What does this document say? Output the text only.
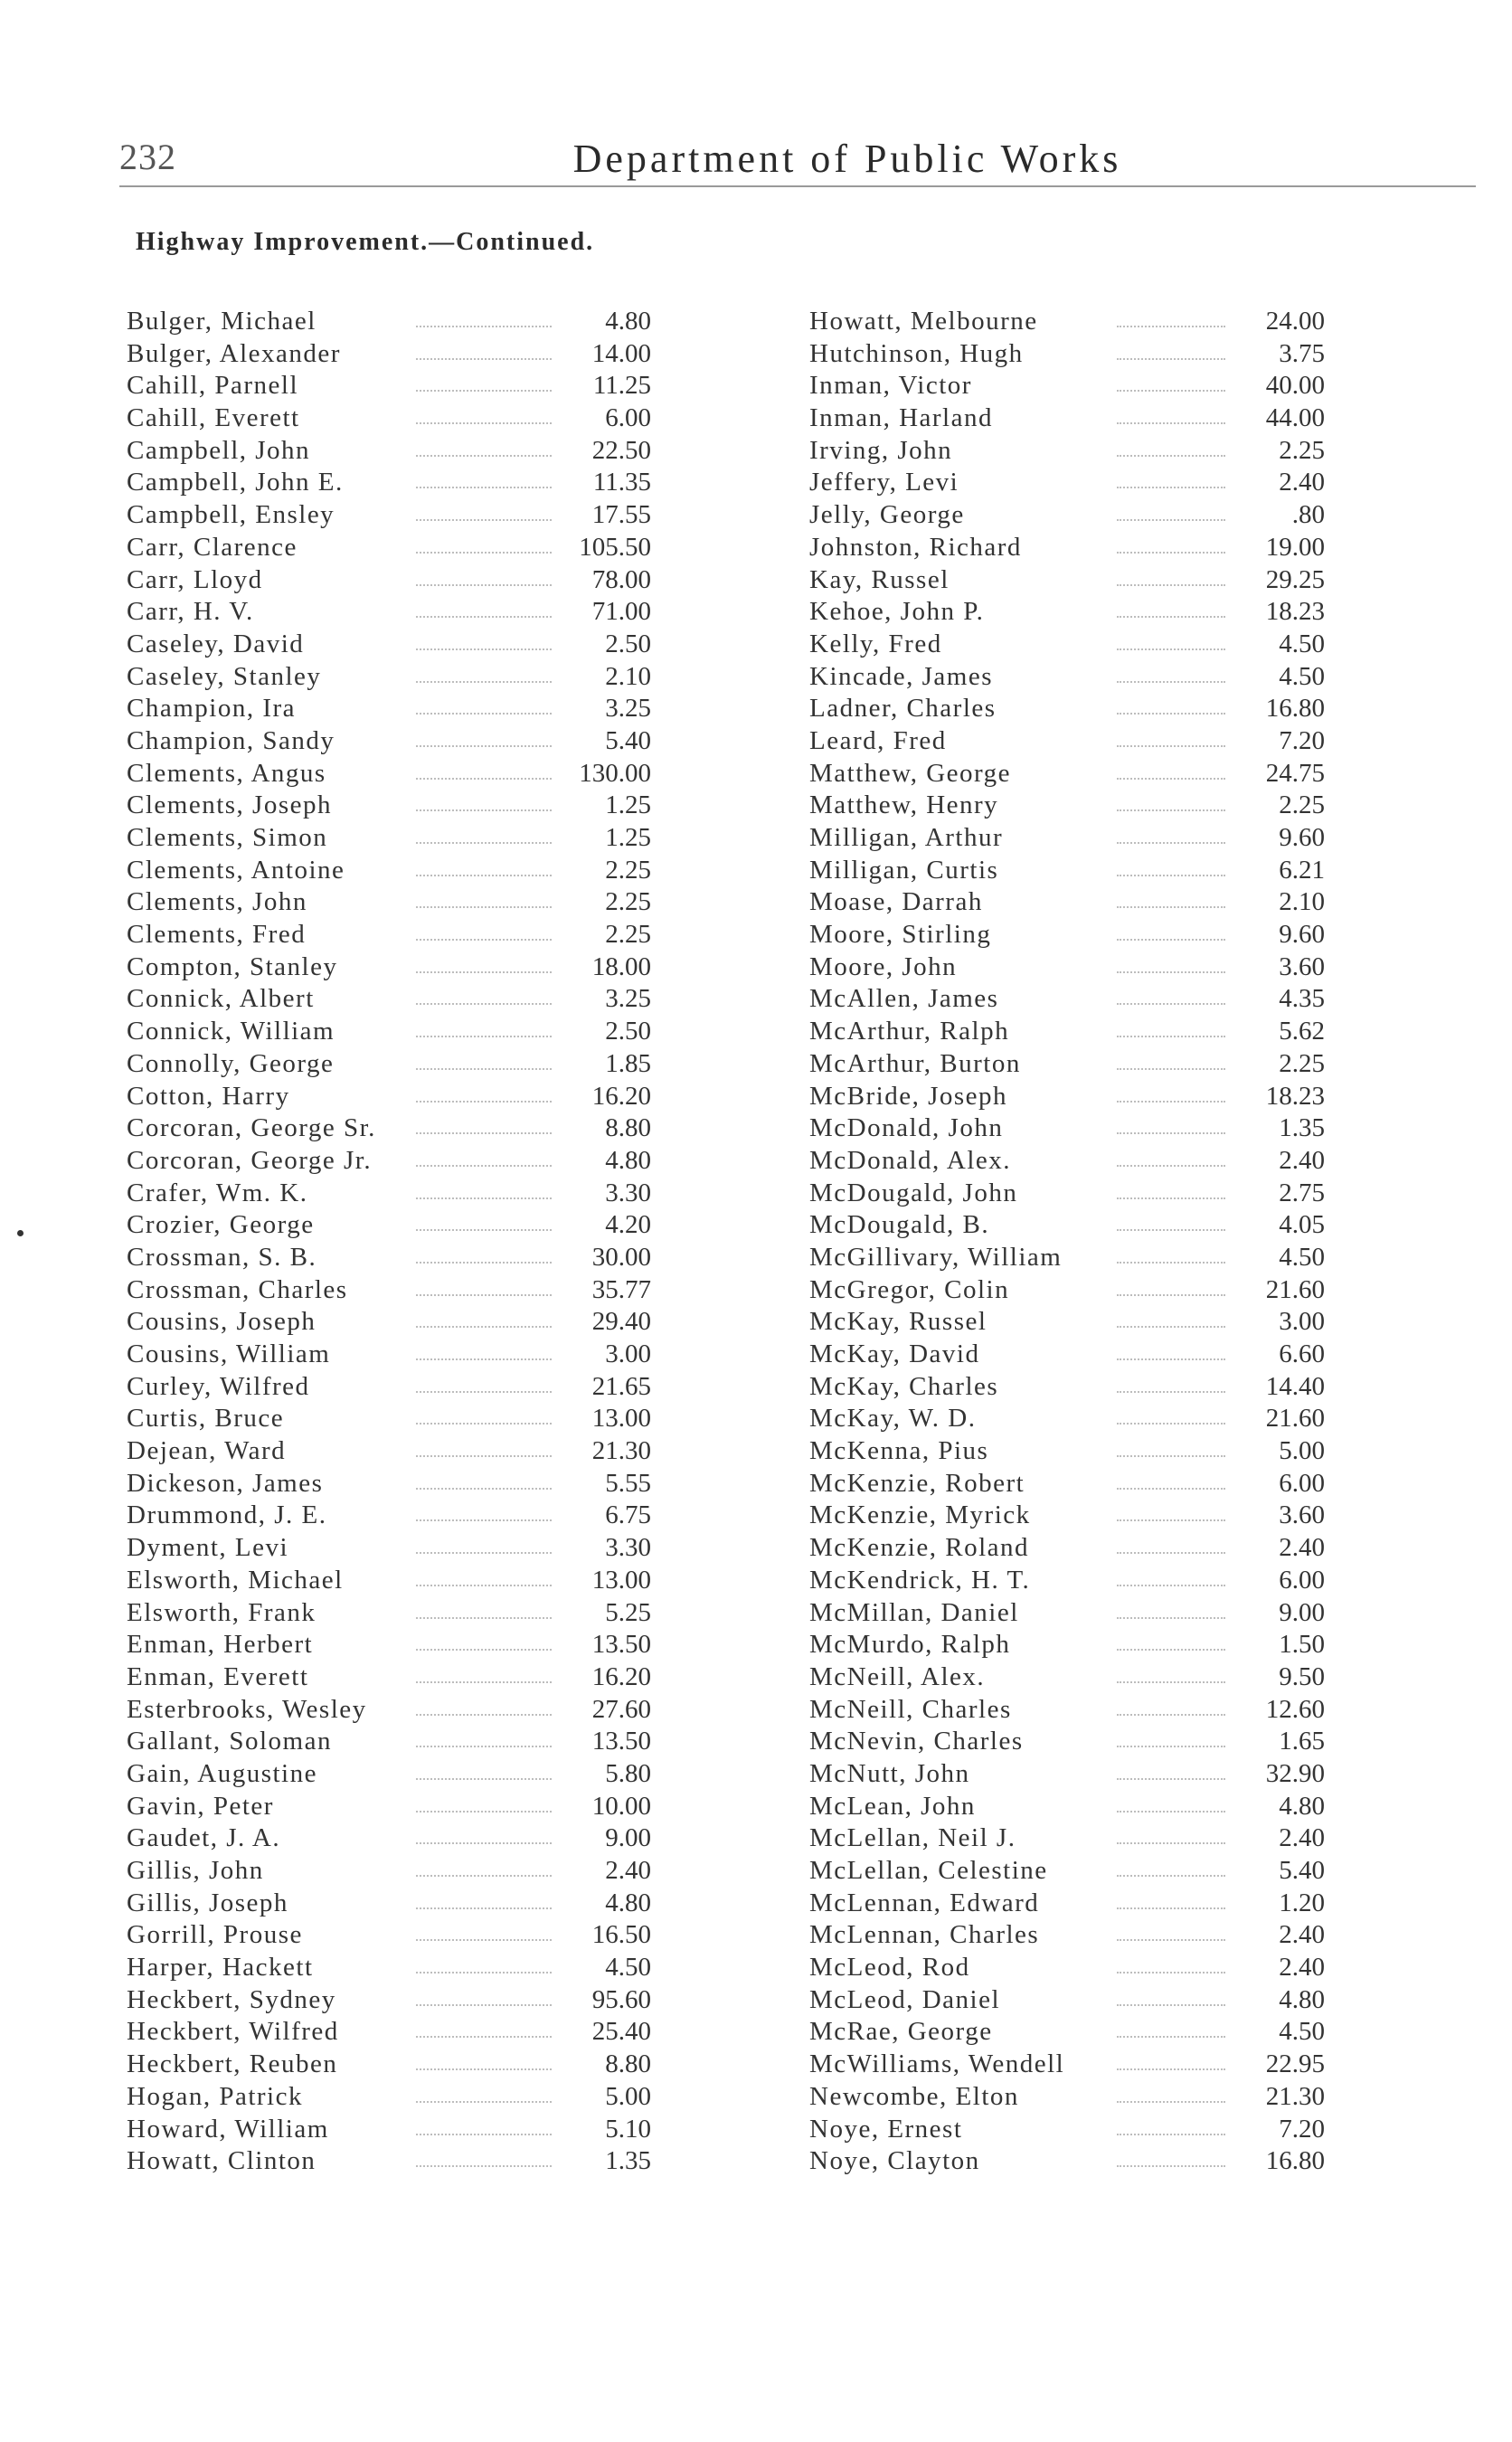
232	Department of Public Works
Highway Improvement.—Continued.
Bulger, Michael	4.80
Bulger, Alexander	14.00
Cahill, Parnell	11.25
Cahill, Everett	6.00
Campbell, John	22.50
Campbell, John E.	11.35
Campbell, Ensley	17.55
Carr, Clarence	105.50
Carr, Lloyd	78.00
Carr, H. V.	71.00
Caseley, David	2.50
Caseley, Stanley	2.10
Champion, Ira	3.25
Champion, Sandy	5.40
Clements, Angus	130.00
Clements, Joseph	1.25
Clements, Simon	1.25
Clements, Antoine	2.25
Clements, John	2.25
Clements, Fred	2.25
Compton, Stanley	18.00
Connick, Albert	3.25
Connick, William	2.50
Connolly, George	1.85
Cotton, Harry	16.20
Corcoran, George Sr.	8.80
Corcoran, George Jr.	4.80
Crafer, Wm. K.	3.30
Crozier, George	4.20
Crossman, S. B.	30.00
Crossman, Charles	35.77
Cousins, Joseph	29.40
Cousins, William	3.00
Curley, Wilfred	21.65
Curtis, Bruce	13.00
Dejean, Ward	21.30
Dickeson, James	5.55
Drummond, J. E.	6.75
Dyment, Levi	3.30
Elsworth, Michael	13.00
Elsworth, Frank	5.25
Enman, Herbert	13.50
Enman, Everett	16.20
Esterbrooks, Wesley	27.60
Gallant, Soloman	13.50
Gain, Augustine	5.80
Gavin, Peter	10.00
Gaudet, J. A.	9.00
Gillis, John	2.40
Gillis, Joseph	4.80
Gorrill, Prouse	16.50
Harper, Hackett	4.50
Heckbert, Sydney	95.60
Heckbert, Wilfred	25.40
Heckbert, Reuben	8.80
Hogan, Patrick	5.00
Howard, William	5.10
Howatt, Clinton	1.35
Howatt, Melbourne	24.00
Hutchinson, Hugh	3.75
Inman, Victor	40.00
Inman, Harland	44.00
Irving, John	2.25
Jeffery, Levi	2.40
Jelly, George	.80
Johnston, Richard	19.00
Kay, Russel	29.25
Kehoe, John P.	18.23
Kelly, Fred	4.50
Kincade, James	4.50
Ladner, Charles	16.80
Leard, Fred	7.20
Matthew, George	24.75
Matthew, Henry	2.25
Milligan, Arthur	9.60
Milligan, Curtis	6.21
Moase, Darrah	2.10
Moore, Stirling	9.60
Moore, John	3.60
McAllen, James	4.35
McArthur, Ralph	5.62
McArthur, Burton	2.25
McBride, Joseph	18.23
McDonald, John	1.35
McDonald, Alex.	2.40
McDougald, John	2.75
McDougald, B.	4.05
McGillivary, William	4.50
McGregor, Colin	21.60
McKay, Russel	3.00
McKay, David	6.60
McKay, Charles	14.40
McKay, W. D.	21.60
McKenna, Pius	5.00
McKenzie, Robert	6.00
McKenzie, Myrick	3.60
McKenzie, Roland	2.40
McKendrick, H. T.	6.00
McMillan, Daniel	9.00
McMurdo, Ralph	1.50
McNeill, Alex.	9.50
McNeill, Charles	12.60
McNevin, Charles	1.65
McNutt, John	32.90
McLean, John	4.80
McLellan, Neil J.	2.40
McLellan, Celestine	5.40
McLennan, Edward	1.20
McLennan, Charles	2.40
McLeod, Rod	2.40
McLeod, Daniel	4.80
McRae, George	4.50
McWilliams, Wendell	22.95
Newcombe, Elton	21.30
Noye, Ernest	7.20
Noye, Clayton	16.80
